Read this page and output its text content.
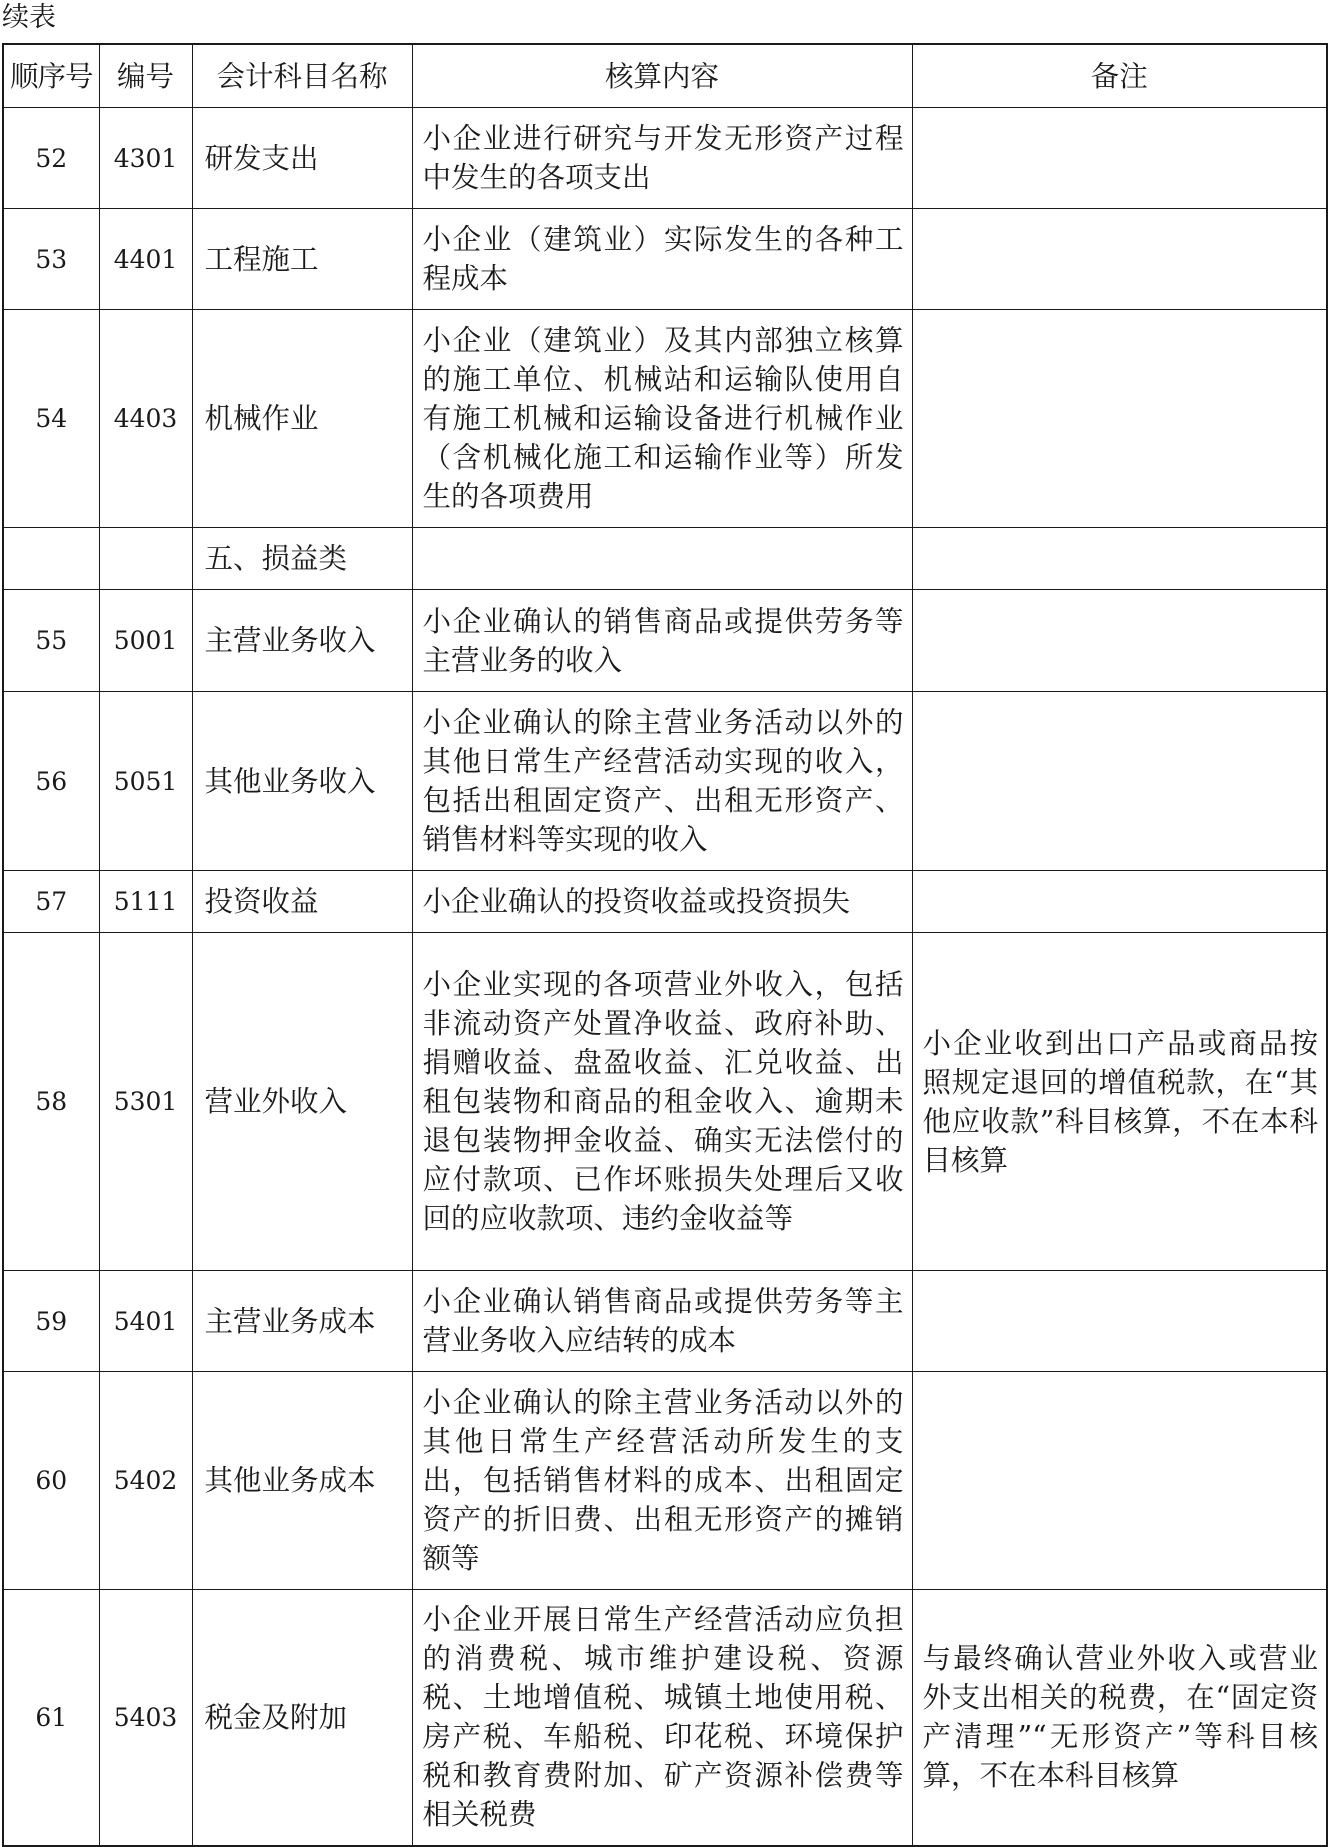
续表
顺序号	编号	会计科目名称	核算内容	备注
52	4301	研发支出	小企业进行研究与开发无形资产过程中发生的各项支出	
53	4401	工程施工	小企业（建筑业）实际发生的各种工程成本	
54	4403	机械作业	小企业（建筑业）及其内部独立核算的施工单位、机械站和运输队使用自有施工机械和运输设备进行机械作业（含机械化施工和运输作业等）所发生的各项费用	
		五、损益类		
55	5001	主营业务收入	小企业确认的销售商品或提供劳务等主营业务的收入	
56	5051	其他业务收入	小企业确认的除主营业务活动以外的其他日常生产经营活动实现的收入，包括出租固定资产、出租无形资产、销售材料等实现的收入	
57	5111	投资收益	小企业确认的投资收益或投资损失	
58	5301	营业外收入	小企业实现的各项营业外收入，包括非流动资产处置净收益、政府补助、捐赠收益、盘盈收益、汇兑收益、出租包装物和商品的租金收入、逾期未退包装物押金收益、确实无法偿付的应付款项、已作坏账损失处理后又收回的应收款项、违约金收益等	小企业收到出口产品或商品按照规定退回的增值税款，在“其他应收款”科目核算，不在本科目核算
59	5401	主营业务成本	小企业确认销售商品或提供劳务等主营业务收入应结转的成本	
60	5402	其他业务成本	小企业确认的除主营业务活动以外的其他日常生产经营活动所发生的支出，包括销售材料的成本、出租固定资产的折旧费、出租无形资产的摊销额等	
61	5403	税金及附加	小企业开展日常生产经营活动应负担的消费税、城市维护建设税、资源税、土地增值税、城镇土地使用税、房产税、车船税、印花税、环境保护税和教育费附加、矿产资源补偿费等相关税费	与最终确认营业外收入或营业外支出相关的税费，在“固定资产清理”“无形资产”等科目核算，不在本科目核算
